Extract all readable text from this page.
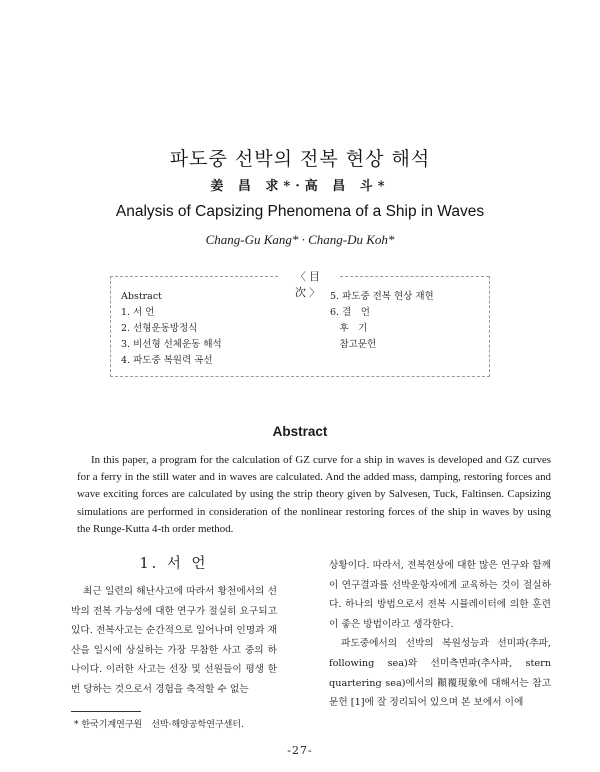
파도중 선박의 전복 현상 해석
姜 昌 求*·高 昌 斗*
Analysis of Capsizing Phenomena of a Ship in Waves
Chang-Gu Kang* · Chang-Du Koh*
〈目　次〉
Abstract
1. 서 언
2. 선형운동방정식
3. 비선형 선체운동 해석
4. 파도중 복원력 곡선
5. 파도중 전복 현상 재현
6. 결　언
　후　기
　참고문헌
Abstract
In this paper, a program for the calculation of GZ curve for a ship in waves is developed and GZ curves for a ferry in the still water and in waves are calculated. And the added mass, damping, restoring forces and wave exciting forces are calculated by using the strip theory given by Salvesen, Tuck, Faltinsen. Capsizing simulations are performed in consideration of the nonlinear restoring forces of the ship in waves by using the Runge-Kutta 4-th order method.
1. 서 언

최근 일련의 해난사고에 따라서 황천에서의 선박의 전복 가능성에 대한 연구가 절실히 요구되고 있다. 전복사고는 순간적으로 일어나며 인명과 재산을 일시에 상실하는 가장 무참한 사고 중의 하나이다. 이러한 사고는 선장 및 선원들이 평생 한 번 당하는 것으로서 경험을 축적할 수 없는

상황이다. 따라서, 전복현상에 대한 많은 연구와 함께 이 연구결과를 선박운항자에게 교육하는 것이 절실하다. 하나의 방법으로서 전복 시뮬레이터에 의한 훈련이 좋은 방법이라고 생각한다.

파도중에서의 선박의 복원성능과 선미파(추파, following sea)와 선미측면파(추사파, stern quartering sea)에서의 顚覆現象에 대해서는 참고문헌 [1]에 잘 정리되어 있으며 본 보에서 이에

* 한국기계연구원　선박·해양공학연구센터.
-27-
